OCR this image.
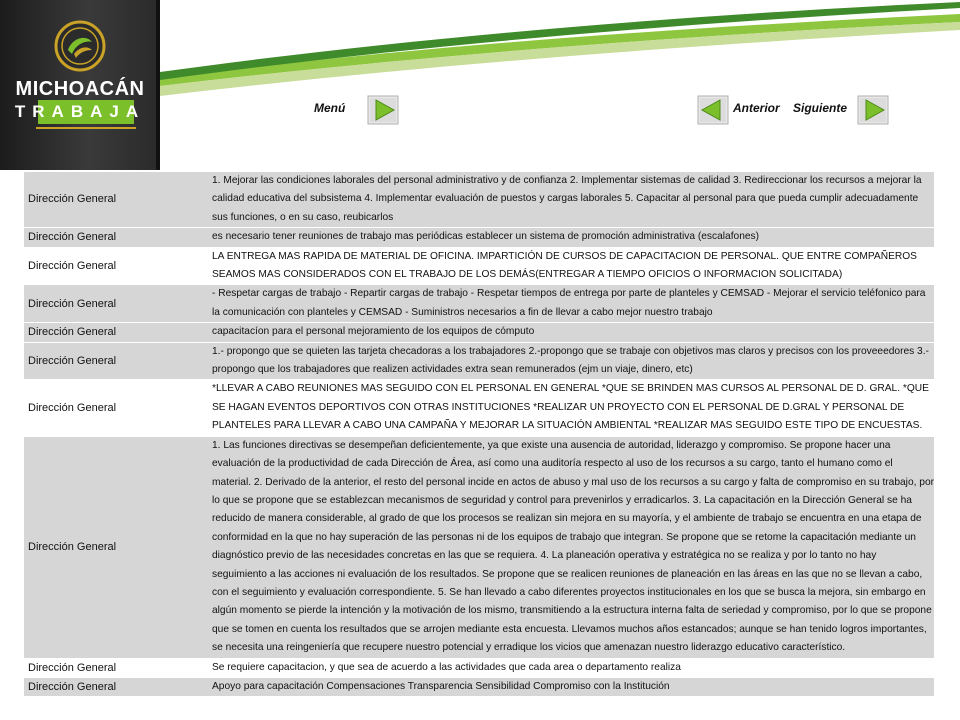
MICHOACÁN
TRABAJA	Menú	Anterior Siguiente
Dirección General	1. Mejorar las condiciones laborales del personal administrativo y de confianza 2. Implementar sistemas de calidad 3. Redireccionar los recursos a mejorar la calidad educativa del subsistema 4. Implementar evaluación de puestos y cargas laborales 5. Capacitar al personal para que pueda cumplir adecuadamente sus funciones, o en su caso, reubicarlos
Dirección General	es necesario tener reuniones de trabajo mas periódicas establecer un sistema de promoción administrativa (escalafones)
Dirección General	LA ENTREGA MAS RAPIDA DE MATERIAL DE OFICINA. IMPARTICIÓN DE CURSOS DE CAPACITACION DE PERSONAL. QUE ENTRE COMPAÑEROS SEAMOS MAS CONSIDERADOS CON EL TRABAJO DE LOS DEMÁS(ENTREGAR A TIEMPO OFICIOS O INFORMACION SOLICITADA)
Dirección General	- Respetar cargas de trabajo - Repartir cargas de trabajo - Respetar tiempos de entrega por parte de planteles y CEMSAD - Mejorar el servicio teléfonico para la comunicación con planteles y CEMSAD - Suministros necesarios a fin de llevar a cabo mejor nuestro trabajo
Dirección General	capacitacíon para el personal mejoramiento de los equipos de cómputo
Dirección General	1.- propongo que se quieten las tarjeta checadoras a los trabajadores 2.-propongo que se trabaje con objetivos mas claros y precisos con los proveeedores 3.-propongo que los trabajadores que realizen actividades extra sean remunerados (ejm un viaje, dinero, etc)
Dirección General	*LLEVAR A CABO REUNIONES MAS SEGUIDO CON EL PERSONAL EN GENERAL *QUE SE BRINDEN MAS CURSOS AL PERSONAL DE D. GRAL. *QUE SE HAGAN EVENTOS DEPORTIVOS CON OTRAS INSTITUCIONES *REALIZAR UN PROYECTO CON EL PERSONAL DE D.GRAL Y PERSONAL DE PLANTELES PARA LLEVAR A CABO UNA CAMPAÑA Y MEJORAR LA SITUACIÓN AMBIENTAL *REALIZAR MAS SEGUIDO ESTE TIPO DE ENCUESTAS.
Dirección General	1. Las funciones directivas se desempeñan deficientemente, ya que existe una ausencia de autoridad, liderazgo y compromiso. Se propone hacer una evaluación de la productividad de cada Dirección de Área, así como una auditoría respecto al uso de los recursos a su cargo, tanto el humano como el material. 2. Derivado de la anterior, el resto del personal incide en actos de abuso y mal uso de los recursos a su cargo y falta de compromiso en su trabajo, por lo que se propone que se establezcan mecanismos de seguridad y control para prevenirlos y erradicarlos. 3. La capacitación en la Dirección General se ha reducido de manera considerable, al grado de que los procesos se realizan sin mejora en su mayoría, y el ambiente de trabajo se encuentra en una etapa de conformidad en la que no hay superación de las personas ni de los equipos de trabajo que integran. Se propone que se retome la capacitación mediante un diagnóstico previo de las necesidades concretas en las que se requiera. 4. La planeación operativa y estratégica no se realiza y por lo tanto no hay seguimiento a las acciones ni evaluación de los resultados. Se propone que se realicen reuniones de planeación en las áreas en las que no se llevan a cabo, con el seguimiento y evaluación correspondiente. 5. Se han llevado a cabo diferentes proyectos institucionales en los que se busca la mejora, sin embargo en algún momento se pierde la intención y la motivación de los mismo, transmitiendo a la estructura interna falta de seriedad y compromiso, por lo que se propone que se tomen en cuenta los resultados que se arrojen mediante esta encuesta. Llevamos muchos años estancados; aunque se han tenido logros importantes, se necesita una reingeniería que recupere nuestro potencial y erradique los vicios que amenazan nuestro liderazgo educativo característico.
Dirección General	Se requiere capacitacion, y que sea de acuerdo a las actividades que cada area o departamento realiza
Dirección General	Apoyo para capacitación Compensaciones Transparencia Sensibilidad Compromiso con la Institución
